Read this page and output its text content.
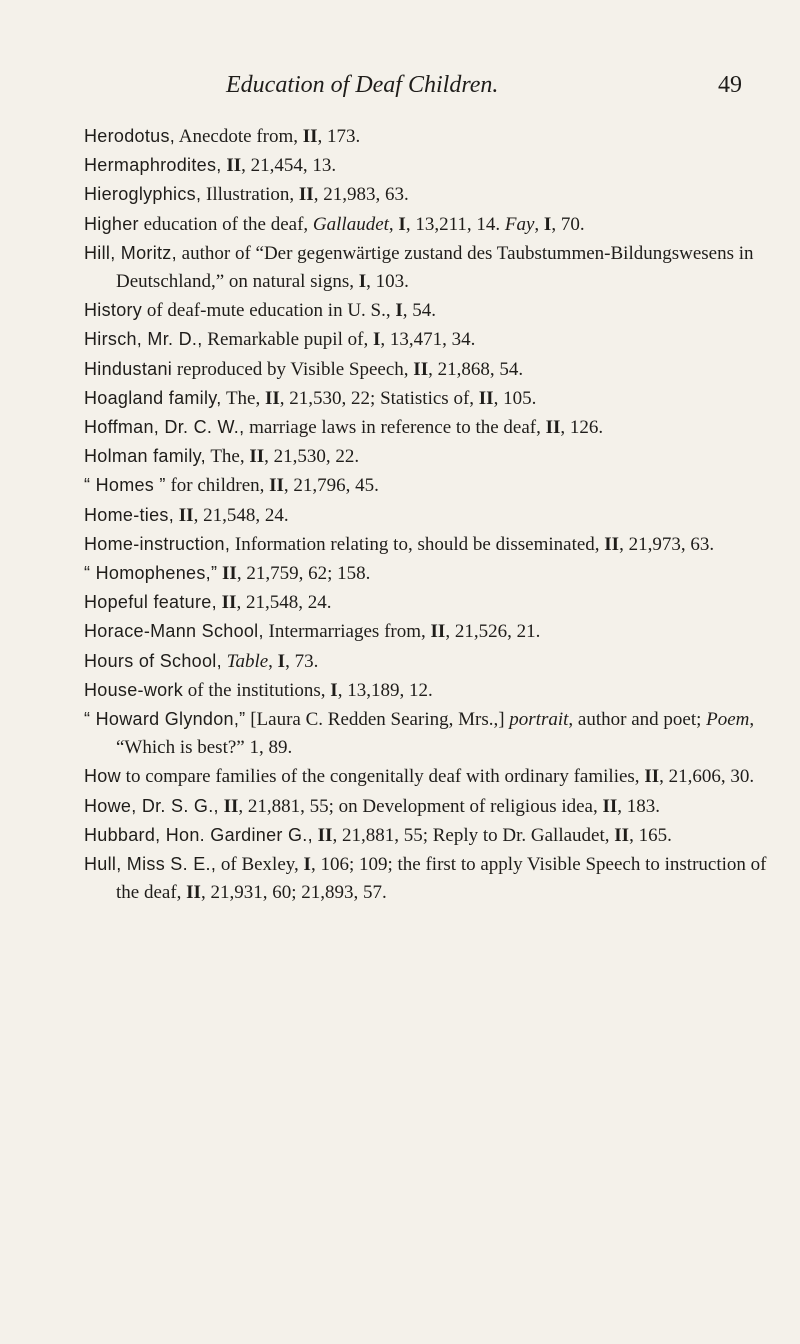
Education of Deaf Children.	49
Herodotus, Anecdote from, II, 173.
Hermaphrodites, II, 21,454, 13.
Hieroglyphics, Illustration, II, 21,983, 63.
Higher education of the deaf, Gallaudet, I, 13,211, 14. Fay, I, 70.
Hill, Moritz, author of “Der gegenwärtige zustand des Taubstummen-Bildungswesens in Deutschland,” on natural signs, I, 103.
History of deaf-mute education in U. S., I, 54.
Hirsch, Mr. D., Remarkable pupil of, I, 13,471, 34.
Hindustani reproduced by Visible Speech, II, 21,868, 54.
Hoagland family, The, II, 21,530, 22; Statistics of, II, 105.
Hoffman, Dr. C. W., marriage laws in reference to the deaf, II, 126.
Holman family, The, II, 21,530, 22.
“ Homes ” for children, II, 21,796, 45.
Home-ties, II, 21,548, 24.
Home-instruction, Information relating to, should be disseminated, II, 21,973, 63.
“ Homophenes,” II, 21,759, 62; 158.
Hopeful feature, II, 21,548, 24.
Horace-Mann School, Intermarriages from, II, 21,526, 21.
Hours of School, Table, I, 73.
House-work of the institutions, I, 13,189, 12.
“ Howard Glyndon,” [Laura C. Redden Searing, Mrs.,] portrait, author and poet; Poem, “Which is best?” 1, 89.
How to compare families of the congenitally deaf with ordinary families, II, 21,606, 30.
Howe, Dr. S. G., II, 21,881, 55; on Development of religious idea, II, 183.
Hubbard, Hon. Gardiner G., II, 21,881, 55; Reply to Dr. Gallaudet, II, 165.
Hull, Miss S. E., of Bexley, I, 106; 109; the first to apply Visible Speech to instruction of the deaf, II, 21,931, 60; 21,893, 57.
